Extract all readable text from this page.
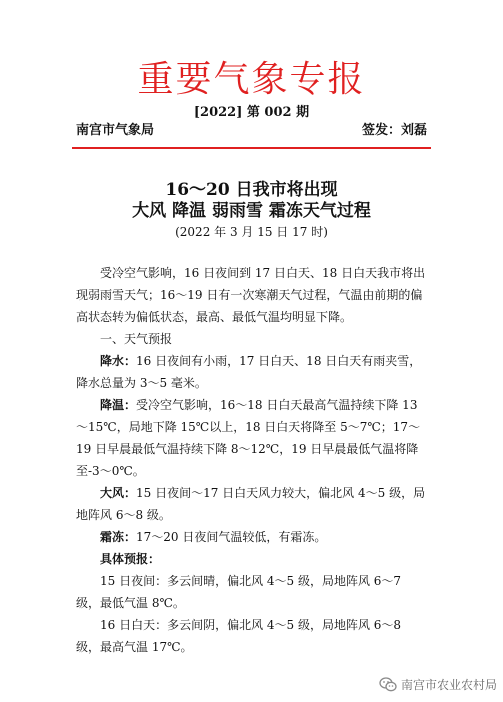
重要气象专报
[2022] 第 002 期
南宫市气象局	签发：刘磊
16～20 日我市将出现
大风 降温 弱雨雪 霜冻天气过程
(2022 年 3 月 15 日 17 时)

受冷空气影响，16 日夜间到 17 日白天、18 日白天我市将出现弱雨雪天气；16～19 日有一次寒潮天气过程，气温由前期的偏高状态转为偏低状态，最高、最低气温均明显下降。

一、天气预报

降水：16 日夜间有小雨，17 日白天、18 日白天有雨夹雪，降水总量为 3～5 毫米。

降温：受冷空气影响，16～18 日白天最高气温持续下降 13～15℃，局地下降 15℃以上，18 日白天将降至 5～7℃；17～19 日早晨最低气温持续下降 8～12℃，19 日早晨最低气温将降至-3～0℃。

大风：15 日夜间～17 日白天风力较大，偏北风 4～5 级，局地阵风 6～8 级。

霜冻：17～20 日夜间气温较低，有霜冻。

具体预报：

15 日夜间：多云间晴，偏北风 4～5 级，局地阵风 6～7 级，最低气温 8℃。

16 日白天：多云间阴，偏北风 4～5 级，局地阵风 6～8 级，最高气温 17℃。

南宫市农业农村局
